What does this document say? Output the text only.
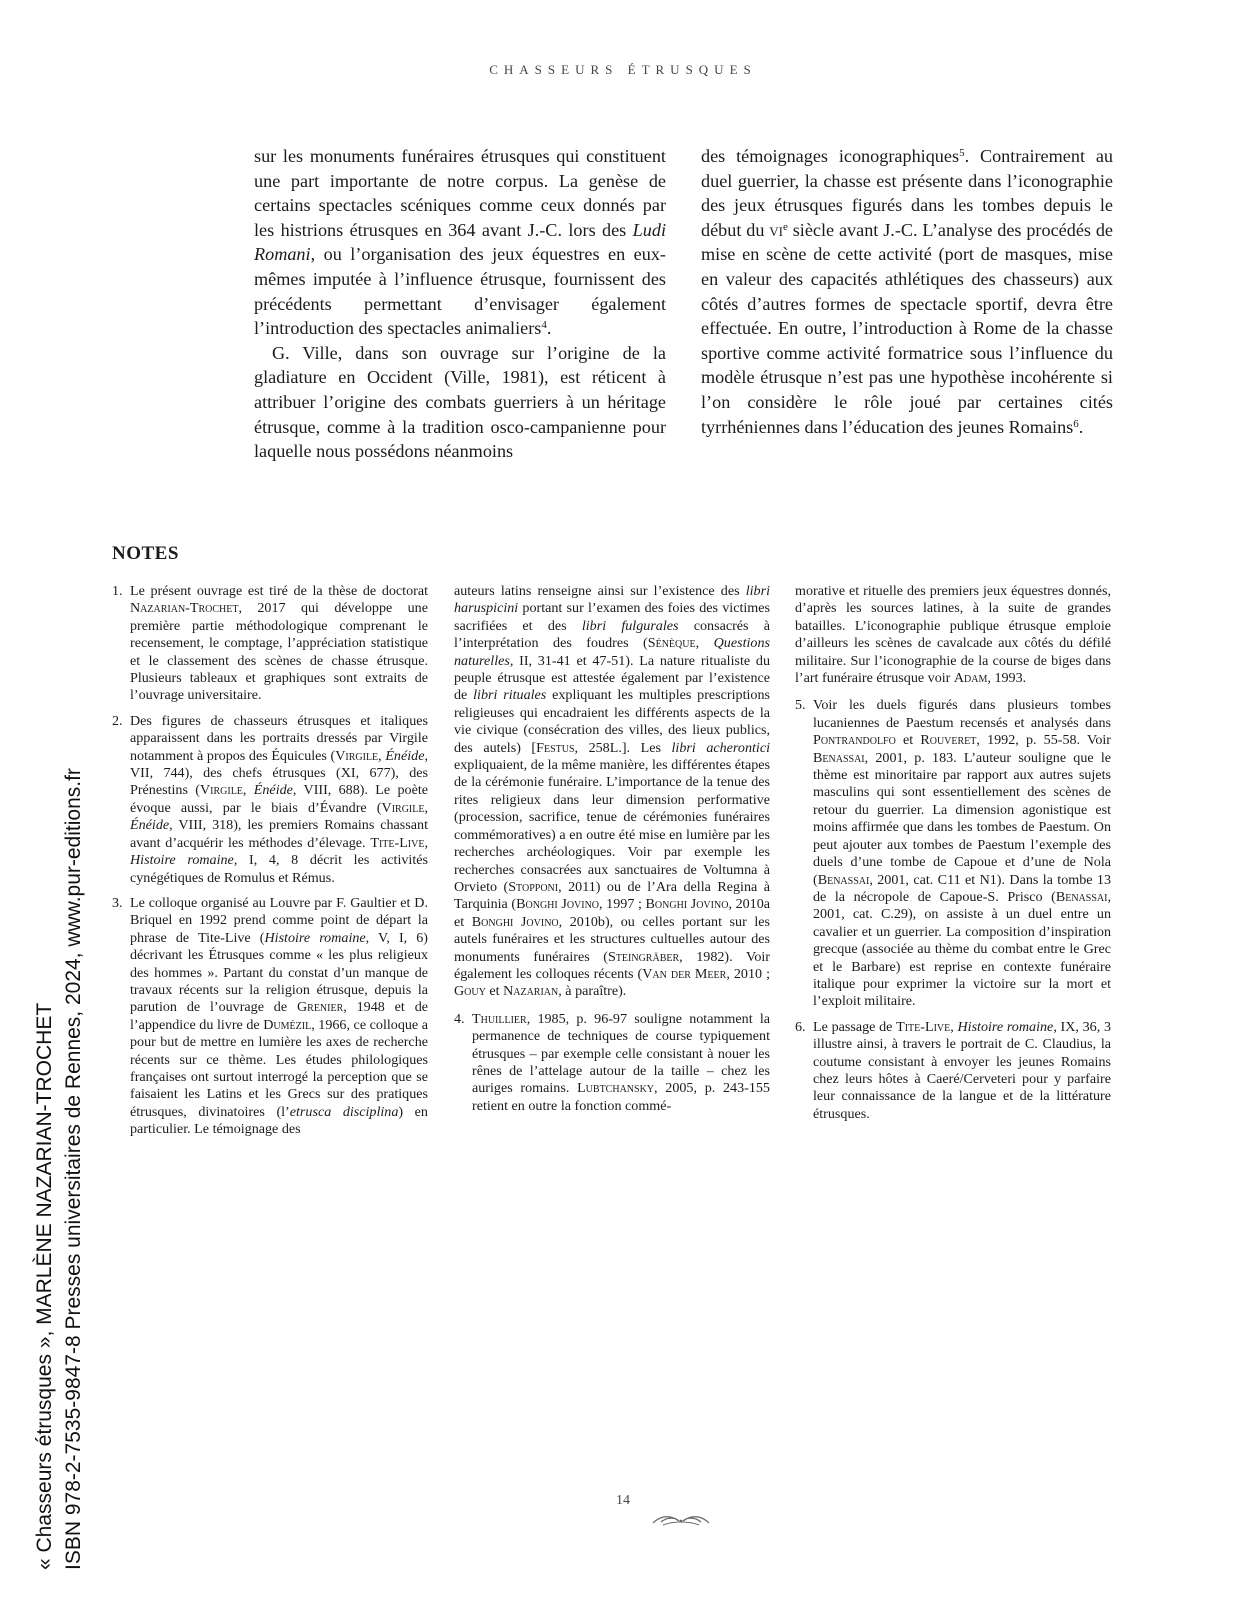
CHASSEURS ÉTRUSQUES

sur les monuments funéraires étrusques qui constituent une part importante de notre corpus. La genèse de certains spectacles scéniques comme ceux donnés par les histrions étrusques en 364 avant J.-C. lors des Ludi Romani, ou l’organisation des jeux équestres en eux-mêmes imputée à l’influence étrusque, fournissent des précédents permettant d’envisager également l’introduction des spectacles animaliers$^4$.

G. Ville, dans son ouvrage sur l’origine de la gladiature en Occident (Ville, 1981), est réticent à attribuer l’origine des combats guerriers à un héritage étrusque, comme à la tradition osco-campanienne pour laquelle nous possédons néanmoins

des témoignages iconographiques$^5$. Contrairement au duel guerrier, la chasse est présente dans l’iconographie des jeux étrusques figurés dans les tombes depuis le début du $vi^e$ siècle avant J.-C. L’analyse des procédés de mise en scène de cette activité (port de masques, mise en valeur des capacités athlétiques des chasseurs) aux côtés d’autres formes de spectacle sportif, devra être effectuée. En outre, l’introduction à Rome de la chasse sportive comme activité formatrice sous l’influence du modèle étrusque n’est pas une hypothèse incohérente si l’on considère le rôle joué par certaines cités tyrrhéniennes dans l’éducation des jeunes Romains$^6$.

NOTES
1. Le présent ouvrage est tiré de la thèse de doctorat Nazarian-Trochet, 2017 qui développe une première partie méthodologique comprenant le recensement, le comptage, l’appréciation statistique et le classement des scènes de chasse étrusque. Plusieurs tableaux et graphiques sont extraits de l’ouvrage universitaire.
2. Des figures de chasseurs étrusques et italiques apparaissent dans les portraits dressés par Virgile notamment à propos des Équicules (Virgile, Énéide, VII, 744), des chefs étrusques (XI, 677), des Prénestins (Virgile, Énéide, VIII, 688). Le poète évoque aussi, par le biais d’Évandre (Virgile, Énéide, VIII, 318), les premiers Romains chassant avant d’acquérir les méthodes d’élevage. Tite-Live, Histoire romaine, I, 4, 8 décrit les activités cynégétiques de Romulus et Rémus.
3. Le colloque organisé au Louvre par F. Gaultier et D. Briquel en 1992 prend comme point de départ la phrase de Tite-Live (Histoire romaine, V, I, 6) décrivant les Étrusques comme « les plus religieux des hommes ». Partant du constat d’un manque de travaux récents sur la religion étrusque, depuis la parution de l’ouvrage de Grenier, 1948 et de l’appendice du livre de Dumézil, 1966, ce colloque a pour but de mettre en lumière les axes de recherche récents sur ce thème. Les études philologiques françaises ont surtout interrogé la perception que se faisaient les Latins et les Grecs sur des pratiques étrusques, divinatoires (l’etrusca disciplina) en particulier. Le témoignage des
auteurs latins renseigne ainsi sur l’existence des libri haruspicini portant sur l’examen des foies des victimes sacrifiées et des libri fulgurales consacrés à l’interprétation des foudres (Sénèque, Questions naturelles, II, 31-41 et 47-51). La nature ritualiste du peuple étrusque est attestée également par l’existence de libri rituales expliquant les multiples prescriptions religieuses qui encadraient les différents aspects de la vie civique (consécration des villes, des lieux publics, des autels) [Festus, 258L.]. Les libri acherontici expliquaient, de la même manière, les différentes étapes de la cérémonie funéraire. L’importance de la tenue des rites religieux dans leur dimension performative (procession, sacrifice, tenue de cérémonies funéraires commémoratives) a en outre été mise en lumière par les recherches archéologiques. Voir par exemple les recherches consacrées aux sanctuaires de Voltumna à Orvieto (Stopponi, 2011) ou de l’Ara della Regina à Tarquinia (Bonghi Jovino, 1997 ; Bonghi Jovino, 2010a et Bonghi Jovino, 2010b), ou celles portant sur les autels funéraires et les structures cultuelles autour des monuments funéraires (Steingräber, 1982). Voir également les colloques récents (Van der Meer, 2010 ; Gouy et Nazarian, à paraître).
4. Thuillier, 1985, p. 96-97 souligne notamment la permanence de techniques de course typiquement étrusques – par exemple celle consistant à nouer les rênes de l’attelage autour de la taille – chez les auriges romains. Lubtchansky, 2005, p. 243-155 retient en outre la fonction commé-
morative et rituelle des premiers jeux équestres donnés, d’après les sources latines, à la suite de grandes batailles. L’iconographie publique étrusque emploie d’ailleurs les scènes de cavalcade aux côtés du défilé militaire. Sur l’iconographie de la course de biges dans l’art funéraire étrusque voir Adam, 1993.
5. Voir les duels figurés dans plusieurs tombes lucaniennes de Paestum recensés et analysés dans Pontrandolfo et Rouveret, 1992, p. 55-58. Voir Benassai, 2001, p. 183. L’auteur souligne que le thème est minoritaire par rapport aux autres sujets masculins qui sont essentiellement des scènes de retour du guerrier. La dimension agonistique est moins affirmée que dans les tombes de Paestum. On peut ajouter aux tombes de Paestum l’exemple des duels d’une tombe de Capoue et d’une de Nola (Benassai, 2001, cat. C11 et N1). Dans la tombe 13 de la nécropole de Capoue-S. Prisco (Benassai, 2001, cat. C.29), on assiste à un duel entre un cavalier et un guerrier. La composition d’inspiration grecque (associée au thème du combat entre le Grec et le Barbare) est reprise en contexte funéraire italique pour exprimer la victoire sur la mort et l’exploit militaire.
6. Le passage de Tite-Live, Histoire romaine, IX, 36, 3 illustre ainsi, à travers le portrait de C. Claudius, la coutume consistant à envoyer les jeunes Romains chez leurs hôtes à Caeré/Cerveteri pour y parfaire leur connaissance de la langue et de la littérature étrusques.
« Chasseurs étrusques », MARLÈNE NAZARIAN-TROCHET ISBN 978-2-7535-9847-8 Presses universitaires de Rennes, 2024, www.pur-editions.fr	14
